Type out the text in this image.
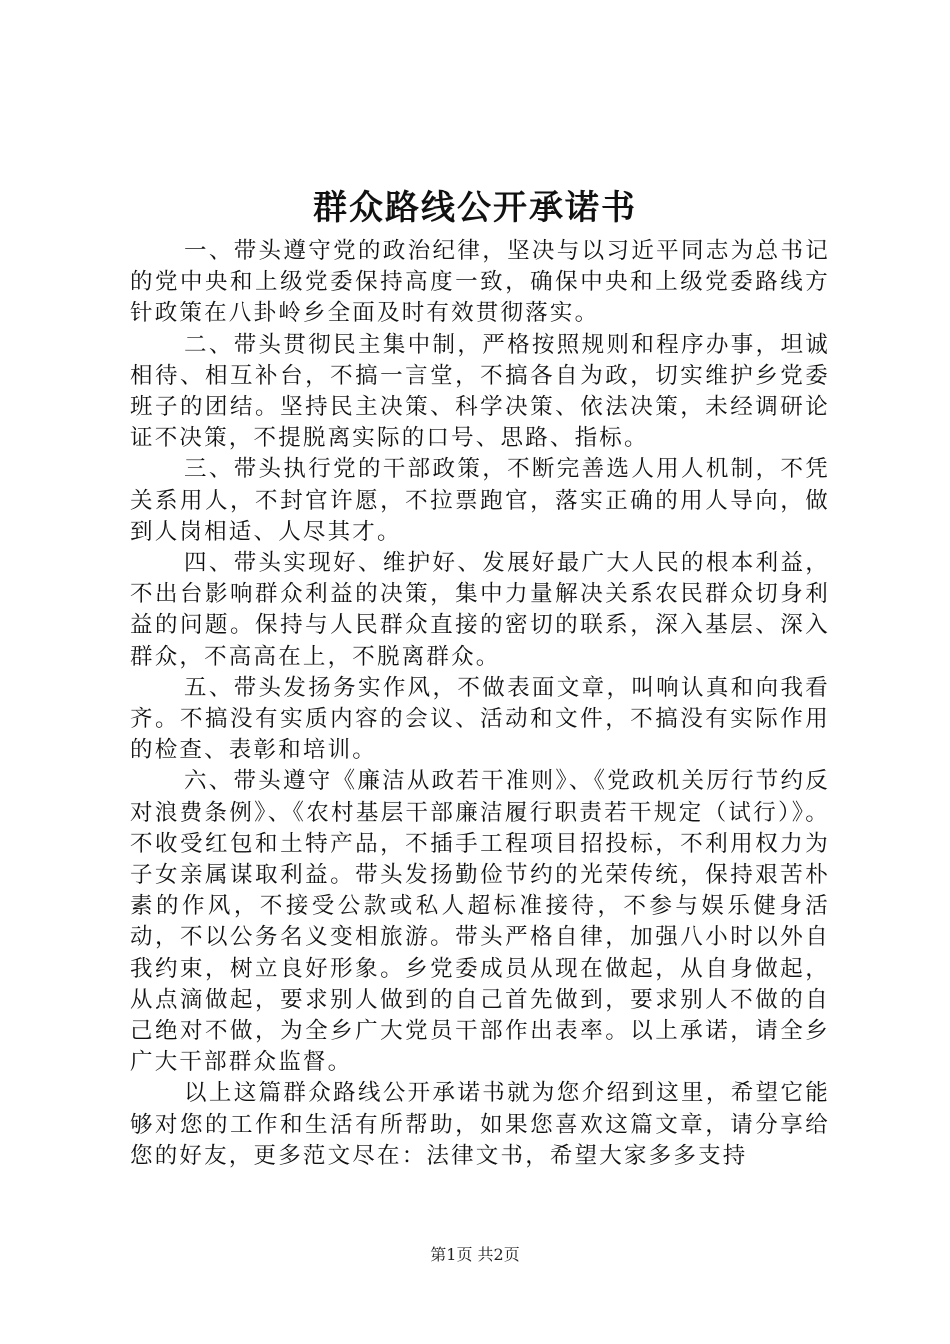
群众路线公开承诺书

一、带头遵守党的政治纪律，坚决与以习近平同志为总书记的党中央和上级党委保持高度一致，确保中央和上级党委路线方针政策在八卦岭乡全面及时有效贯彻落实。

二、带头贯彻民主集中制，严格按照规则和程序办事，坦诚相待、相互补台，不搞一言堂，不搞各自为政，切实维护乡党委班子的团结。坚持民主决策、科学决策、依法决策，未经调研论证不决策，不提脱离实际的口号、思路、指标。

三、带头执行党的干部政策，不断完善选人用人机制，不凭关系用人，不封官许愿，不拉票跑官，落实正确的用人导向，做到人岗相适、人尽其才。

四、带头实现好、维护好、发展好最广大人民的根本利益，不出台影响群众利益的决策，集中力量解决关系农民群众切身利益的问题。保持与人民群众直接的密切的联系，深入基层、深入群众，不高高在上，不脱离群众。

五、带头发扬务实作风，不做表面文章，叫响认真和向我看齐。不搞没有实质内容的会议、活动和文件，不搞没有实际作用的检查、表彰和培训。

六、带头遵守《廉洁从政若干准则》、《党政机关厉行节约反对浪费条例》、《农村基层干部廉洁履行职责若干规定（试行）》。不收受红包和土特产品，不插手工程项目招投标，不利用权力为子女亲属谋取利益。带头发扬勤俭节约的光荣传统，保持艰苦朴素的作风，不接受公款或私人超标准接待，不参与娱乐健身活动，不以公务名义变相旅游。带头严格自律，加强八小时以外自我约束，树立良好形象。乡党委成员从现在做起，从自身做起，从点滴做起，要求别人做到的自己首先做到，要求别人不做的自己绝对不做，为全乡广大党员干部作出表率。以上承诺，请全乡广大干部群众监督。

以上这篇群众路线公开承诺书就为您介绍到这里，希望它能够对您的工作和生活有所帮助，如果您喜欢这篇文章，请分享给您的好友，更多范文尽在：法律文书，希望大家多多支持

第1页 共2页
